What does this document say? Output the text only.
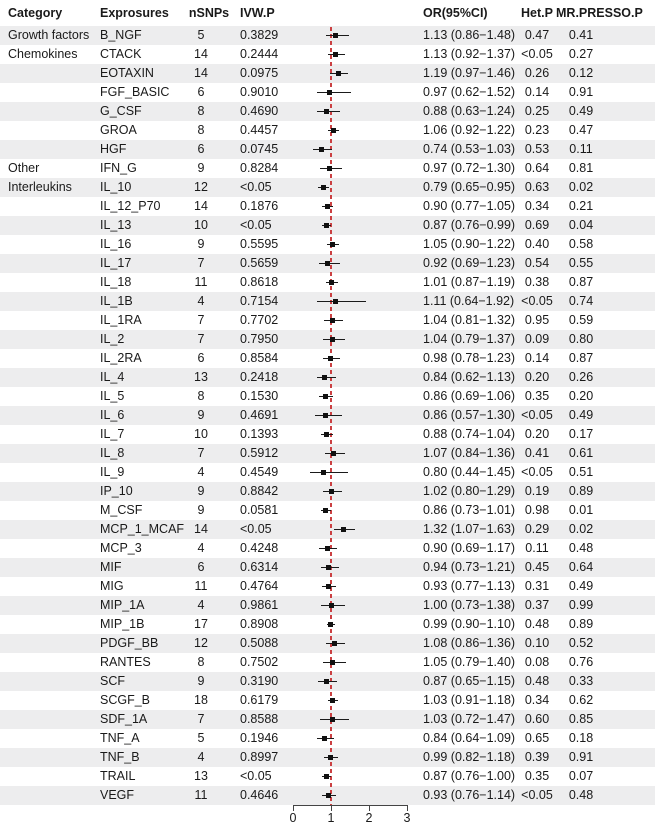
Category	Exprosures nSNPs IVW.P	OR(95%CI)	Het.P MR.PRESSO.P
Growth factors B_NGF	5	0.3829	1.13 (0.86−1.48) 0.47	0.41
Chemokines CTACK	14	0.2444	1.13 (0.92−1.37) <0.05	0.27
EOTAXIN	14	0.0975	1.19 (0.97−1.46) 0.26	0.12
FGF_BASIC	6	0.9010	0.97 (0.62−1.52) 0.14	0.91
G_CSF	8	0.4690	0.88 (0.63−1.24) 0.25	0.49
GROA	8	0.4457	1.06 (0.92−1.22) 0.23	0.47
HGF	6	0.0745	0.74 (0.53−1.03) 0.53	0.11
Other	IFN_G	9	0.8284	0.97 (0.72−1.30) 0.64	0.81
Interleukins IL_10	12	<0.05	0.79 (0.65−0.95) 0.63	0.02
IL_12_P70	14	0.1876	0.90 (0.77−1.05) 0.34	0.21
IL_13	10	<0.05	0.87 (0.76−0.99) 0.69	0.04
IL_16	9	0.5595	1.05 (0.90−1.22) 0.40	0.58
IL_17	7	0.5659	0.92 (0.69−1.23) 0.54	0.55
IL_18	11	0.8618	1.01 (0.87−1.19) 0.38	0.87
IL_1B	4	0.7154	1.11 (0.64−1.92) <0.05	0.74
IL_1RA	7	0.7702	1.04 (0.81−1.32) 0.95	0.59
IL_2	7	0.7950	1.04 (0.79−1.37) 0.09	0.80
IL_2RA	6	0.8584	0.98 (0.78−1.23) 0.14	0.87
IL_4	13	0.2418	0.84 (0.62−1.13) 0.20	0.26
IL_5	8	0.1530	0.86 (0.69−1.06) 0.35	0.20
IL_6	9	0.4691	0.86 (0.57−1.30) <0.05	0.49
IL_7	10	0.1393	0.88 (0.74−1.04) 0.20	0.17
IL_8	7	0.5912	1.07 (0.84−1.36) 0.41	0.61
IL_9	4	0.4549	0.80 (0.44−1.45) <0.05	0.51
IP_10	9	0.8842	1.02 (0.80−1.29) 0.19	0.89
M_CSF	9	0.0581	0.86 (0.73−1.01) 0.98	0.01
MCP_1_MCAF 14	<0.05	1.32 (1.07−1.63) 0.29	0.02
MCP_3	4	0.4248	0.90 (0.69−1.17) 0.11	0.48
MIF	6	0.6314	0.94 (0.73−1.21) 0.45	0.64
MIG	11	0.4764	0.93 (0.77−1.13) 0.31	0.49
MIP_1A	4	0.9861	1.00 (0.73−1.38) 0.37	0.99
MIP_1B	17	0.8908	0.99 (0.90−1.10) 0.48	0.89
PDGF_BB	12	0.5088	1.08 (0.86−1.36) 0.10	0.52
RANTES	8	0.7502	1.05 (0.79−1.40) 0.08	0.76
SCF	9	0.3190	0.87 (0.65−1.15) 0.48	0.33
SCGF_B	18	0.6179	1.03 (0.91−1.18) 0.34	0.62
SDF_1A	7	0.8588	1.03 (0.72−1.47) 0.60	0.85
TNF_A	5	0.1946	0.84 (0.64−1.09) 0.65	0.18
TNF_B	4	0.8997	0.99 (0.82−1.18) 0.39	0.91
TRAIL	13	<0.05	0.87 (0.76−1.00) 0.35	0.07
VEGF	11	0.4646	0.93 (0.76−1.14) <0.05	0.48
0	1	2	3
